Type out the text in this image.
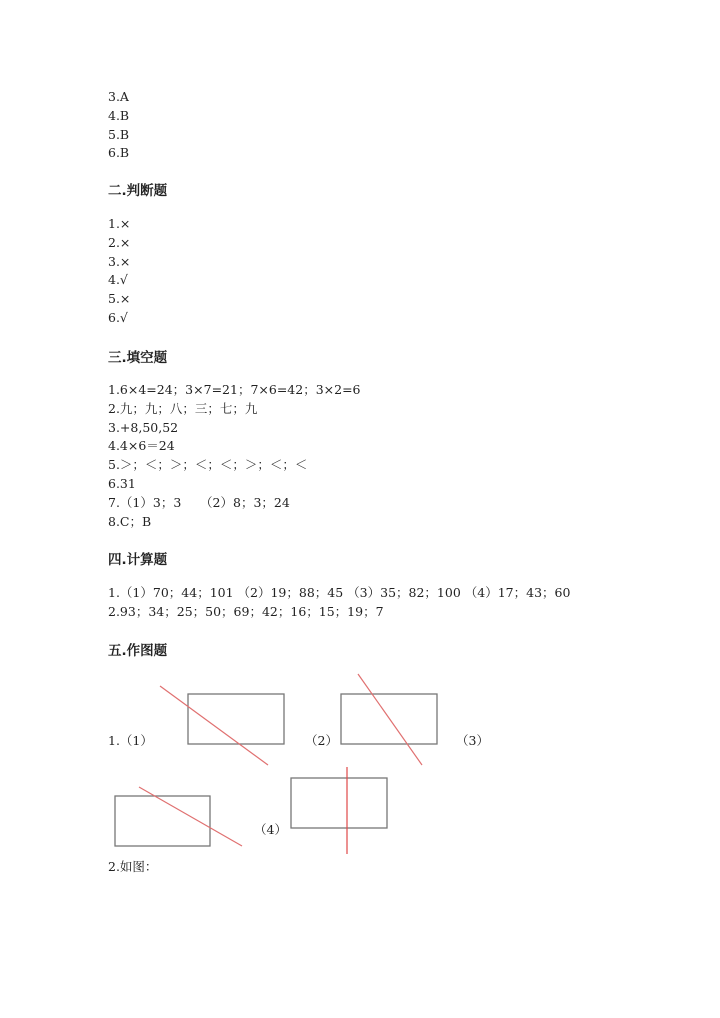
3.A
4.B
5.B
6.B
二.判断题
1.×
2.×
3.×
4.√
5.×
6.√
三.填空题
1.6×4=24；3×7=21；7×6=42；3×2=6
2.九；九；八；三；七；九
3.+8,50,52
4.4×6＝24
5.＞；＜；＞；＜；＜；＞；＜；＜
6.31
7.（1）3；3　　（2）8；3；24
8.C；B
四.计算题
1.（1）70；44；101 （2）19；88；45 （3）35；82；100 （4）17；43；60
2.93；34；25；50；69；42；16；15；19；7
五.作图题
1.（1）	（2）	（3）
（4）
2.如图：
